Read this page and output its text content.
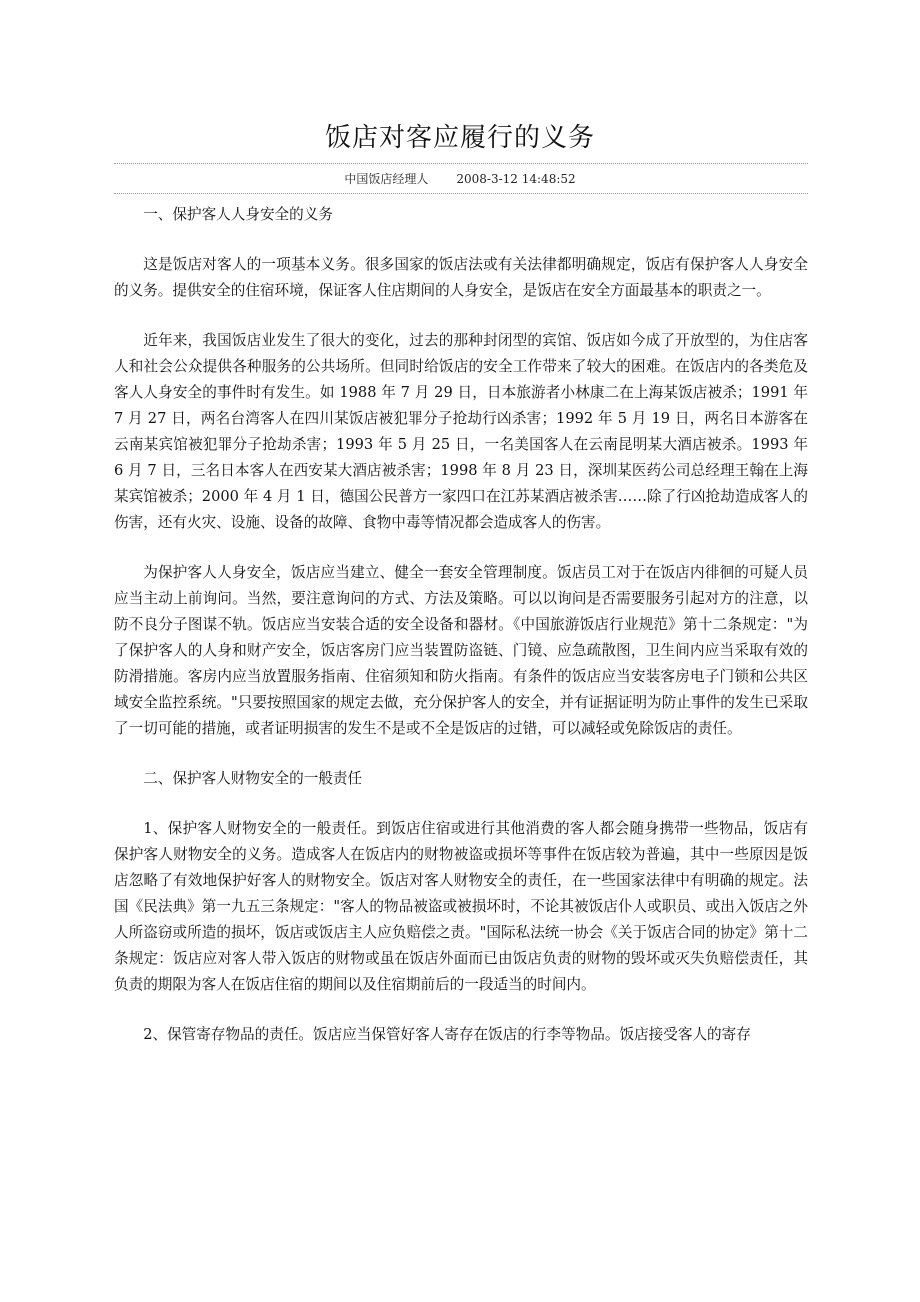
饭店对客应履行的义务
中国饭店经理人 2008-3-12 14:48:52

一、保护客人人身安全的义务

这是饭店对客人的一项基本义务。很多国家的饭店法或有关法律都明确规定，饭店有保护客人人身安全的义务。提供安全的住宿环境，保证客人住店期间的人身安全，是饭店在安全方面最基本的职责之一。

近年来，我国饭店业发生了很大的变化，过去的那种封闭型的宾馆、饭店如今成了开放型的，为住店客人和社会公众提供各种服务的公共场所。但同时给饭店的安全工作带来了较大的困难。在饭店内的各类危及客人人身安全的事件时有发生。如 1988 年 7 月 29 日，日本旅游者小林康二在上海某饭店被杀；1991 年 7 月 27 日，两名台湾客人在四川某饭店被犯罪分子抢劫行凶杀害；1992 年 5 月 19 日，两名日本游客在云南某宾馆被犯罪分子抢劫杀害；1993 年 5 月 25 日，一名美国客人在云南昆明某大酒店被杀。1993 年 6 月 7 日，三名日本客人在西安某大酒店被杀害；1998 年 8 月 23 日，深圳某医药公司总经理王翰在上海某宾馆被杀；2000 年 4 月 1 日，德国公民普方一家四口在江苏某酒店被杀害……除了行凶抢劫造成客人的伤害，还有火灾、设施、设备的故障、食物中毒等情况都会造成客人的伤害。

为保护客人人身安全，饭店应当建立、健全一套安全管理制度。饭店员工对于在饭店内徘徊的可疑人员应当主动上前询问。当然，要注意询问的方式、方法及策略。可以以询问是否需要服务引起对方的注意，以防不良分子图谋不轨。饭店应当安装合适的安全设备和器材。《中国旅游饭店行业规范》第十二条规定："为了保护客人的人身和财产安全，饭店客房门应当装置防盗链、门镜、应急疏散图，卫生间内应当采取有效的防滑措施。客房内应当放置服务指南、住宿须知和防火指南。有条件的饭店应当安装客房电子门锁和公共区域安全监控系统。"只要按照国家的规定去做，充分保护客人的安全，并有证据证明为防止事件的发生已采取了一切可能的措施，或者证明损害的发生不是或不全是饭店的过错，可以减轻或免除饭店的责任。

二、保护客人财物安全的一般责任

1、保护客人财物安全的一般责任。到饭店住宿或进行其他消费的客人都会随身携带一些物品，饭店有保护客人财物安全的义务。造成客人在饭店内的财物被盗或损坏等事件在饭店较为普遍，其中一些原因是饭店忽略了有效地保护好客人的财物安全。饭店对客人财物安全的责任，在一些国家法律中有明确的规定。法国《民法典》第一九五三条规定："客人的物品被盗或被损坏时，不论其被饭店仆人或职员、或出入饭店之外人所盗窃或所造的损坏，饭店或饭店主人应负赔偿之责。"国际私法统一协会《关于饭店合同的协定》第十二条规定：饭店应对客人带入饭店的财物或虽在饭店外面而已由饭店负责的财物的毁坏或灭失负赔偿责任，其负责的期限为客人在饭店住宿的期间以及住宿期前后的一段适当的时间内。

2、保管寄存物品的责任。饭店应当保管好客人寄存在饭店的行李等物品。饭店接受客人的寄存
